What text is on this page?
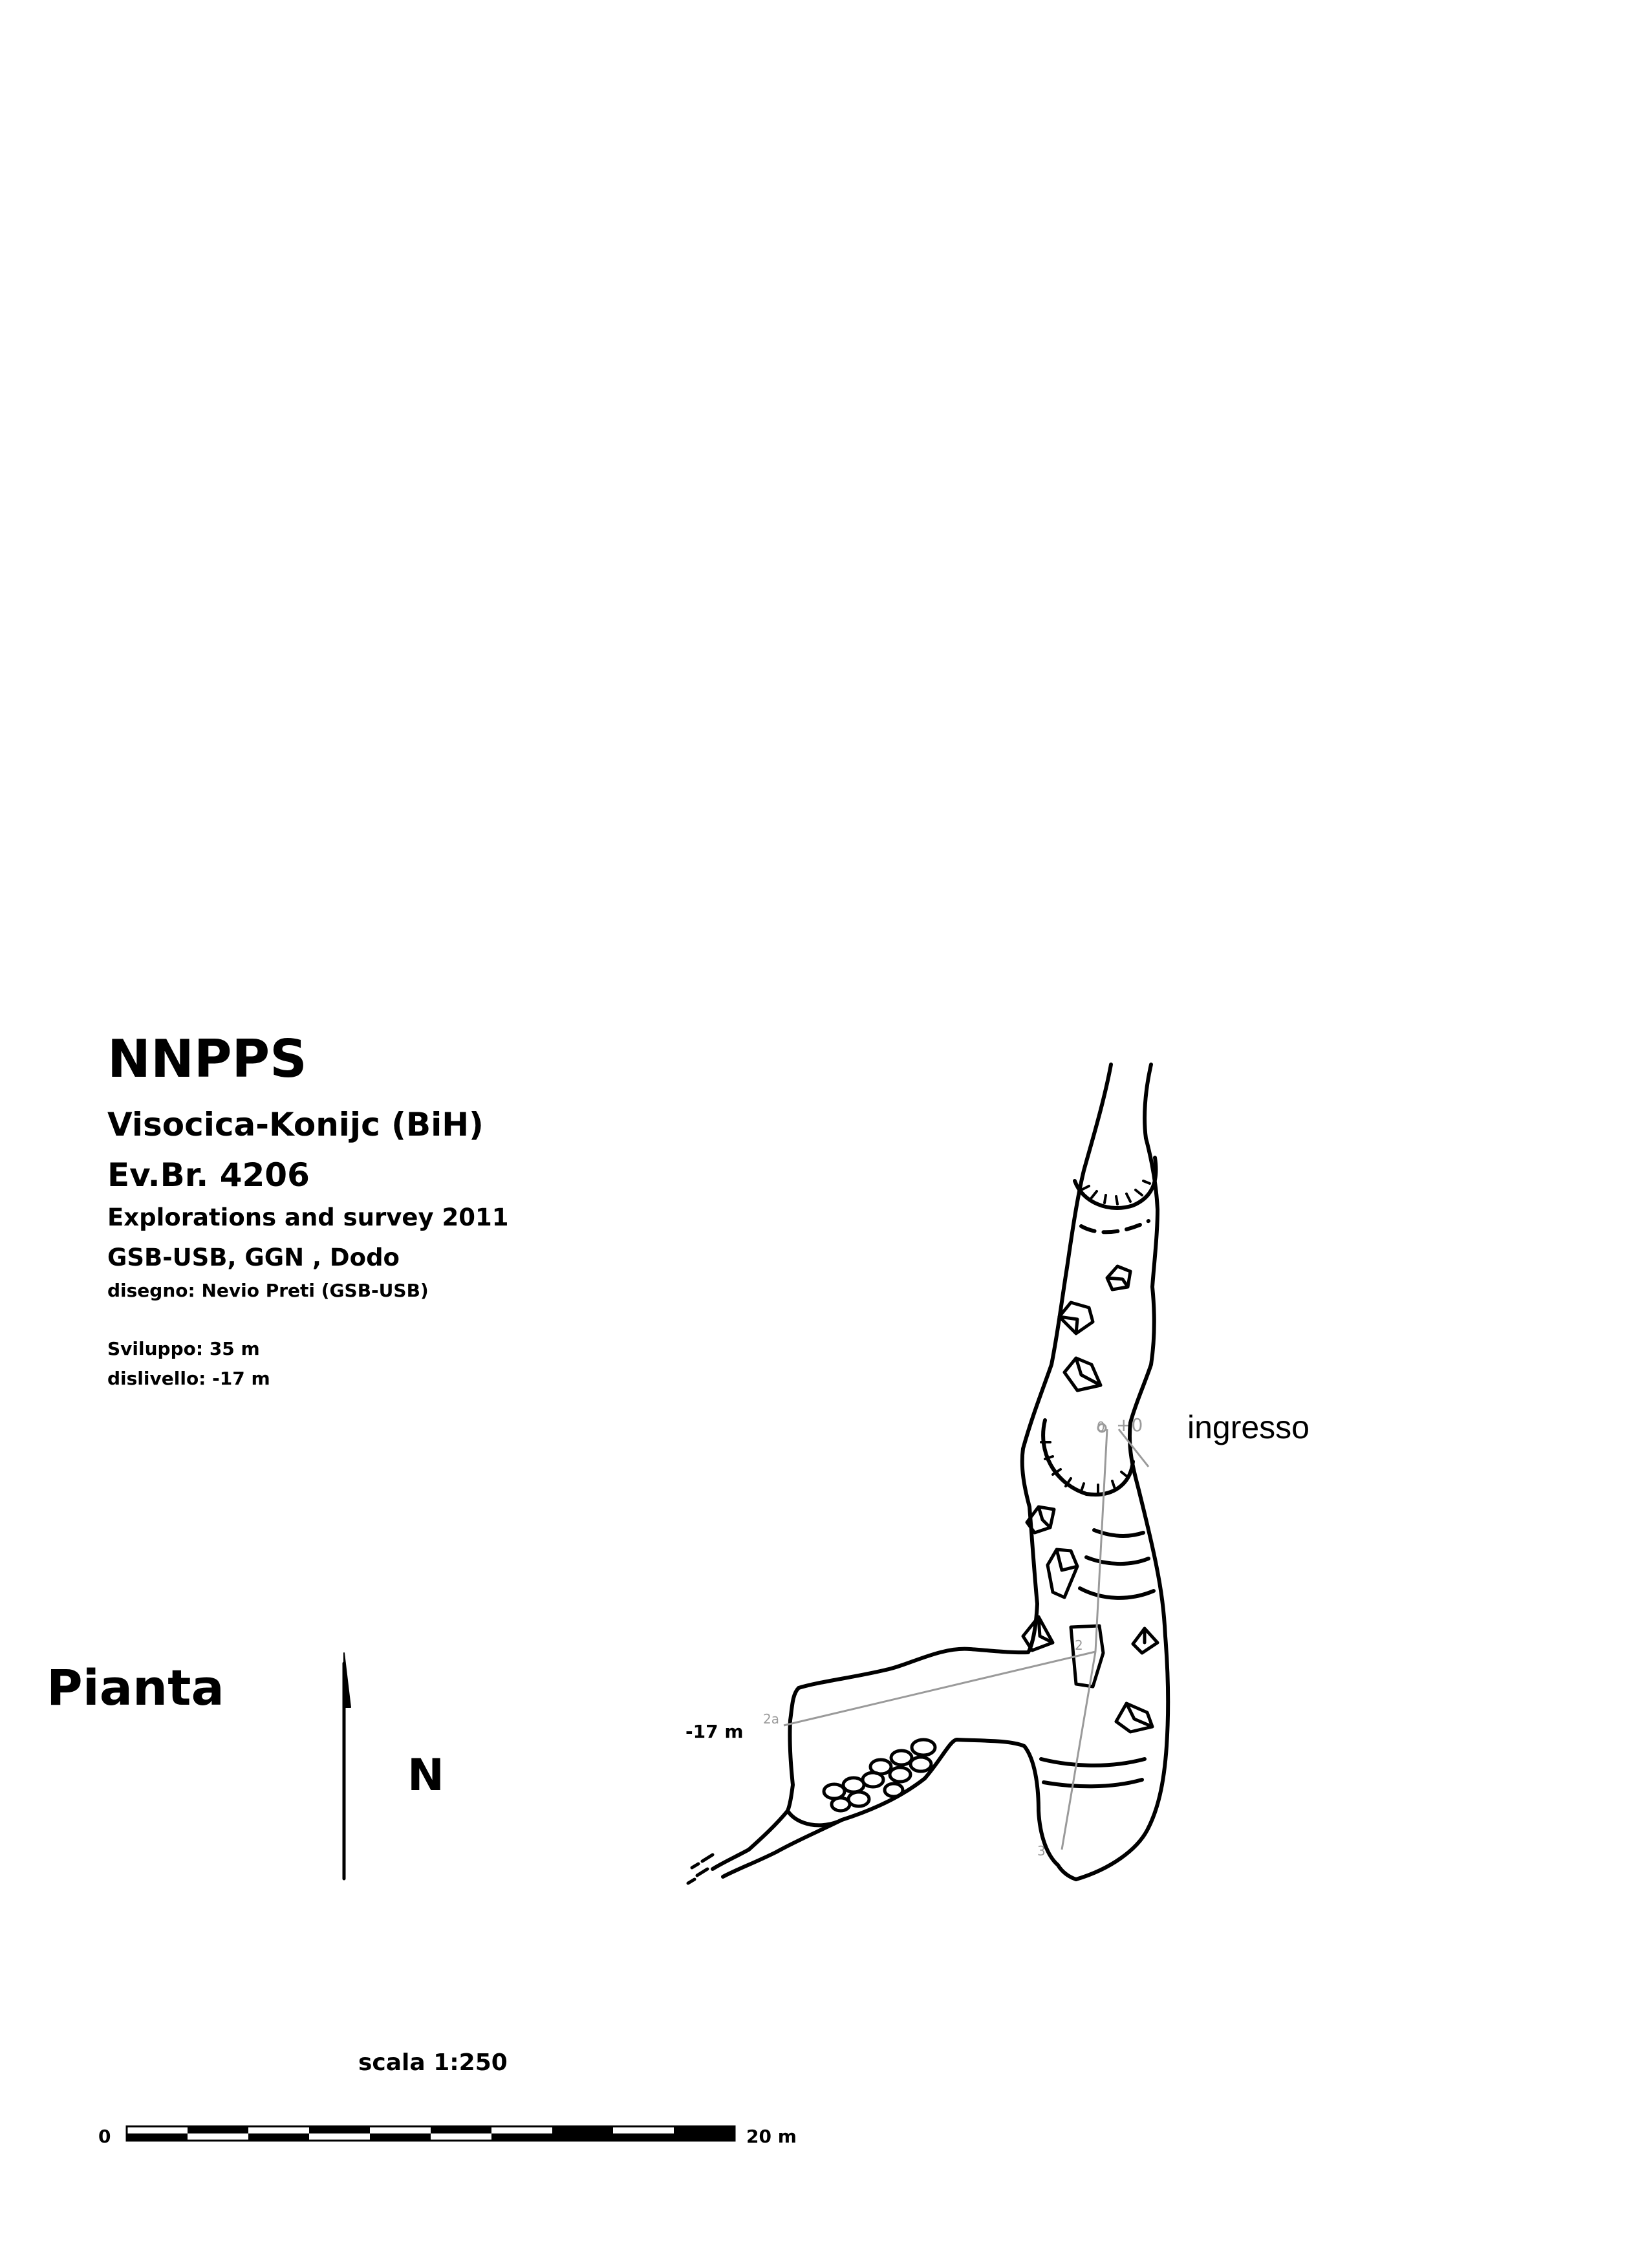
NNPPS
Visocica-Konijc (BiH)
Ev.Br. 4206
Explorations and survey 2011
GSB-USB, GGN , Dodo
disegno: Nevio Preti (GSB-USB)
Sviluppo: 35 m
dislivello: -17 m
Pianta
N
ingresso
-17 m
0 +0
2
2a
3
scala 1:250
0	20 m
